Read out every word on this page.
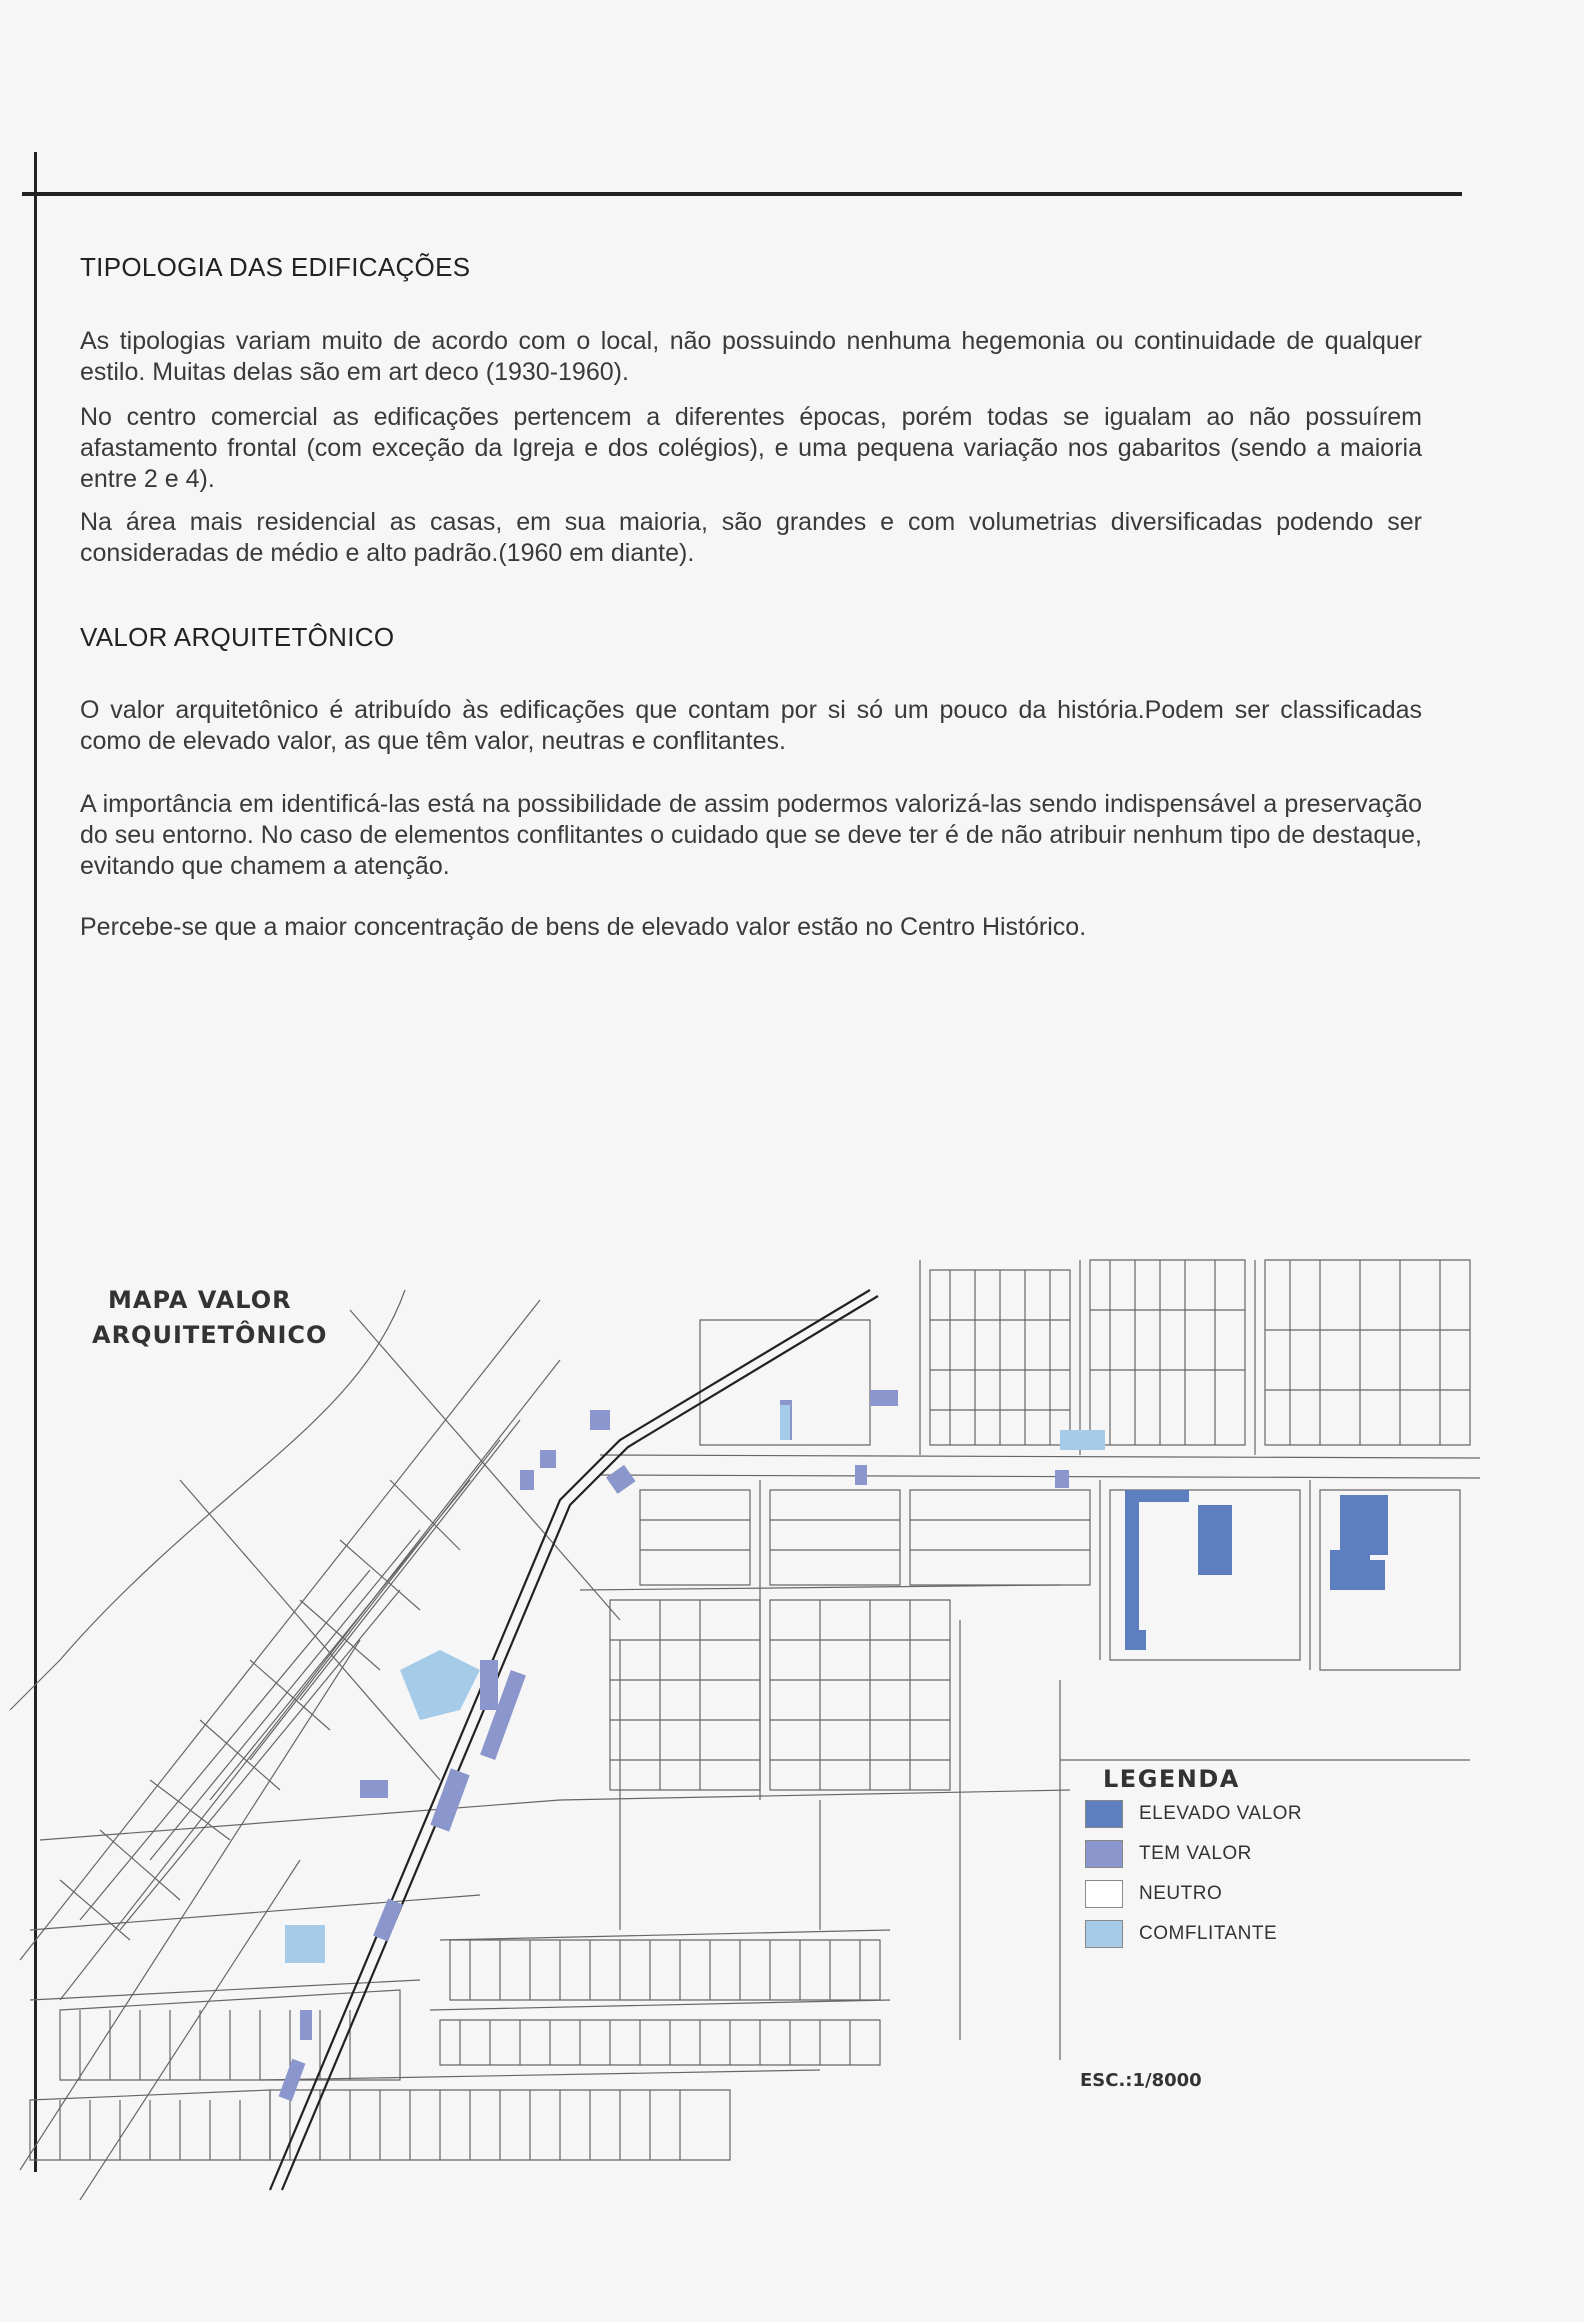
TIPOLOGIA DAS EDIFICAÇÕES

As tipologias variam muito de acordo com o local, não possuindo nenhuma hegemonia ou continuidade de qualquer estilo. Muitas delas são em art deco (1930-1960).

No centro comercial as edificações pertencem a diferentes épocas, porém todas se igualam ao não possuírem afastamento frontal (com exceção da Igreja e dos colégios), e uma pequena variação nos gabaritos (sendo a maioria entre 2 e 4).

Na área mais residencial as casas, em sua maioria, são grandes e com volumetrias diversificadas podendo ser consideradas de médio e alto padrão.(1960 em diante).

VALOR ARQUITETÔNICO

O valor arquitetônico é atribuído às edificações que contam por si só um pouco da história.Podem ser classificadas como de elevado valor, as que têm valor, neutras e conflitantes.

A importância em identificá-las está na possibilidade de assim podermos valorizá-las sendo indispensável a preservação do seu entorno. No caso de elementos conflitantes o cuidado que se deve ter é de não atribuir nenhum tipo de destaque, evitando que chamem a atenção.

Percebe-se que a maior concentração de bens de elevado valor estão no Centro Histórico.

MAPA VALOR
ARQUITETÔNICO
LEGENDA
ELEVADO VALOR
TEM VALOR
NEUTRO
COMFLITANTE
ESC.:1/8000
